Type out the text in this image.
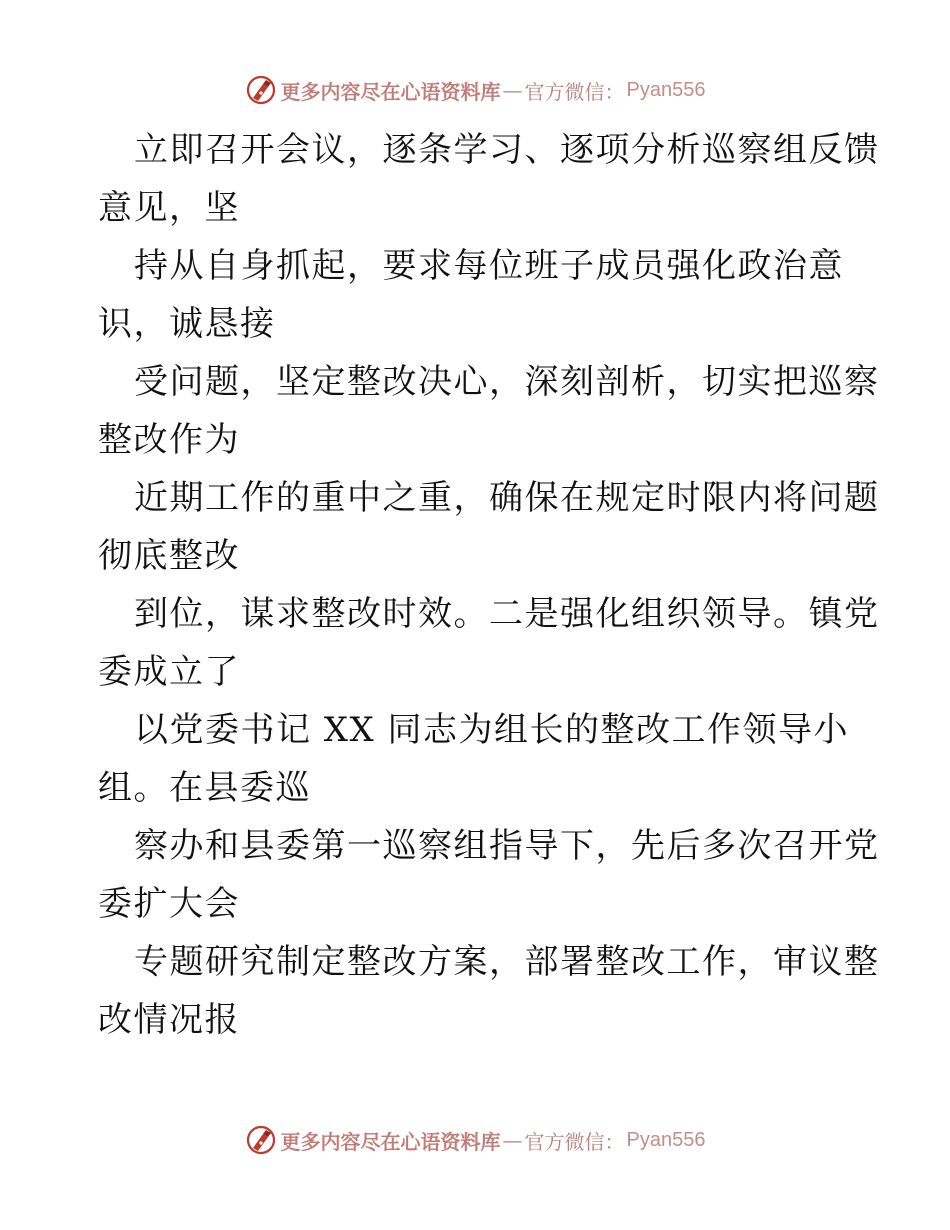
更多内容尽在心语资料库 — 官方微信： Pyan556
立即召开会议，逐条学习、逐项分析巡察组反馈
意见，坚
持从自身抓起，要求每位班子成员强化政治意
识，诚恳接
受问题，坚定整改决心，深刻剖析，切实把巡察
整改作为
近期工作的重中之重，确保在规定时限内将问题
彻底整改
到位，谋求整改时效。二是强化组织领导。镇党
委成立了
以党委书记 XX 同志为组长的整改工作领导小
组。在县委巡
察办和县委第一巡察组指导下，先后多次召开党
委扩大会
专题研究制定整改方案，部署整改工作，审议整
改情况报
更多内容尽在心语资料库 — 官方微信： Pyan556
